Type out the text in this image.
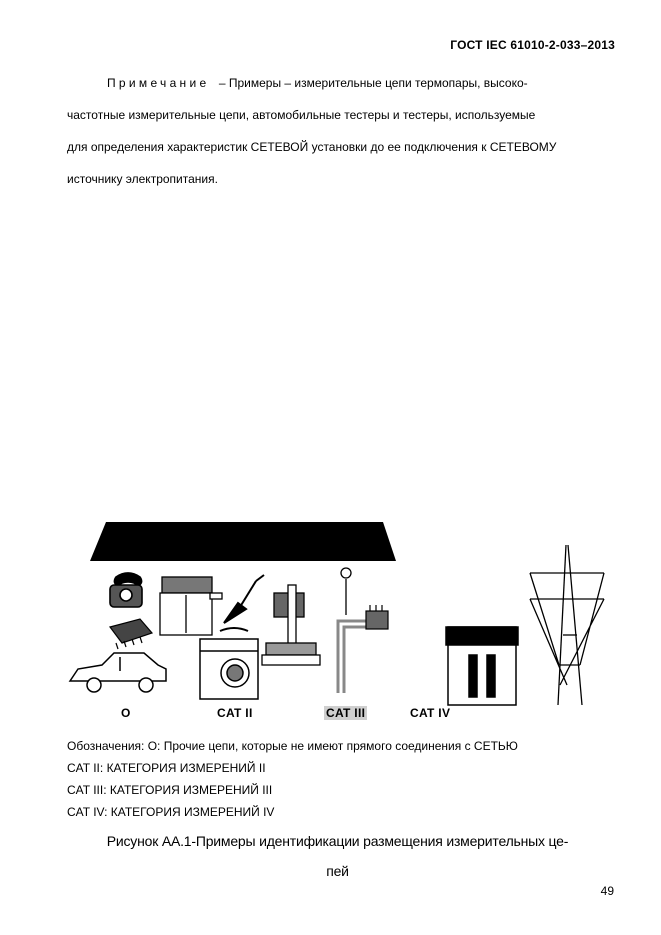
ГОСТ IEC 61010-2-033–2013

Примечание – Примеры – измерительные цепи термопары, высоко-

частотные измерительные цепи, автомобильные тестеры и тестеры, используемые

для определения характеристик СЕТЕВОЙ установки до ее подключения к СЕТЕВОМУ

источнику электропитания.

O	CAT II	CAT III	CAT IV
Обозначения: О: Прочие цепи, которые не имеют прямого соединения с СЕТЬЮ
CAT II: КАТЕГОРИЯ ИЗМЕРЕНИЙ II
CAT III: КАТЕГОРИЯ ИЗМЕРЕНИЙ III
CAT IV: КАТЕГОРИЯ ИЗМЕРЕНИЙ IV
Рисунок АА.1-Примеры идентификации размещения измерительных це-
пей
49
